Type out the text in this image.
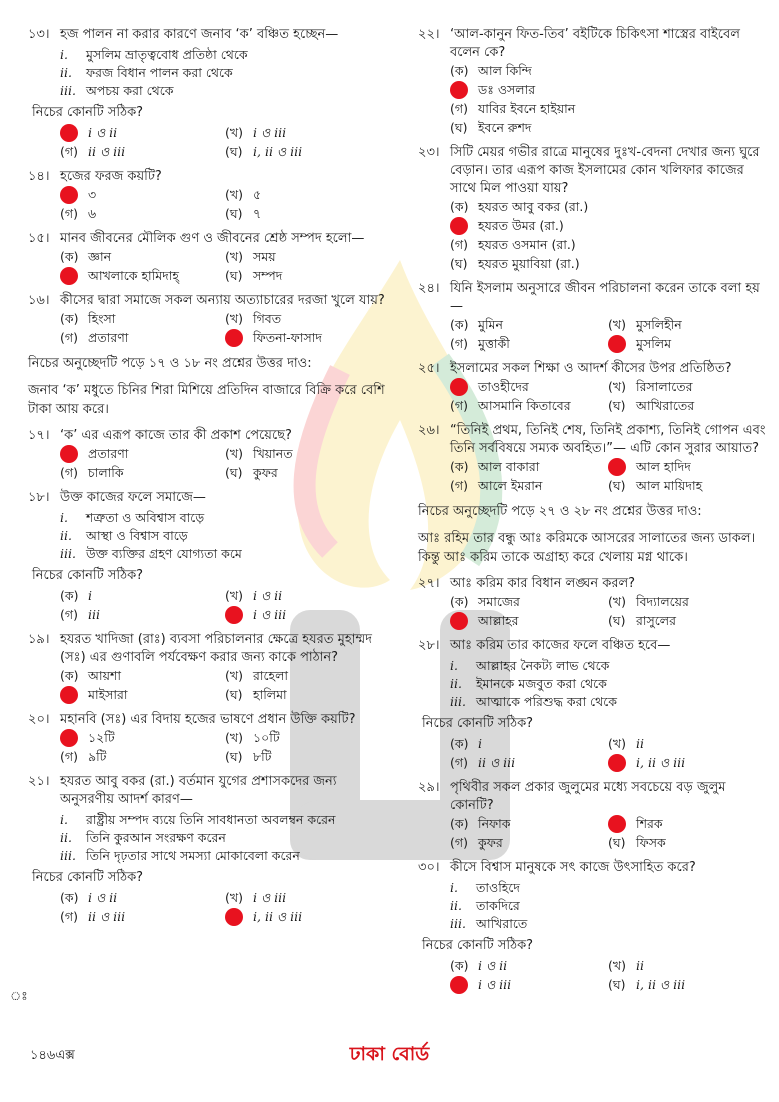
১৩। হজ পালন না করার কারণে জনাব ‘ক’ বঞ্চিত হচ্ছেন—
i.	মুসলিম ভ্রাতৃত্ববোধ প্রতিষ্ঠা থেকে
ii.	ফরজ বিধান পালন করা থেকে
iii. অপচয় করা থেকে
নিচের কোনটি সঠিক?
i ও ii	(খ) i ও iii
(গ) ii ও iii	(ঘ) i, ii ও iii
১৪। হজের ফরজ কয়টি?
৩	(খ) ৫
(গ) ৬	(ঘ) ৭
১৫। মানব জীবনের মৌলিক গুণ ও জীবনের শ্রেষ্ঠ সম্পদ হলো—
(ক) জ্ঞান	(খ) সময়
আখলাকে হামিদাহ্	(ঘ) সম্পদ
১৬। কীসের দ্বারা সমাজে সকল অন্যায় অত্যাচারের দরজা খুলে যায়?
(ক) হিংসা	(খ) গিবত
(গ) প্রতারণা	ফিতনা-ফাসাদ
নিচের অনুচ্ছেদটি পড়ে ১৭ ও ১৮ নং প্রশ্নের উত্তর দাও:
জনাব ‘ক’ মধুতে চিনির শিরা মিশিয়ে প্রতিদিন বাজারে বিক্রি করে বেশি টাকা আয় করে।
১৭। ‘ক’ এর এরূপ কাজে তার কী প্রকাশ পেয়েছে?
প্রতারণা	(খ) খিয়ানত
(গ) চালাকি	(ঘ) কুফর
১৮। উক্ত কাজের ফলে সমাজে—
i.	শত্রুতা ও অবিশ্বাস বাড়ে
ii.	আস্থা ও বিশ্বাস বাড়ে
iii. উক্ত ব্যক্তির গ্রহণ যোগ্যতা কমে
নিচের কোনটি সঠিক?
(ক) i	(খ) i ও ii
(গ) iii	i ও iii
১৯। হযরত খাদিজা (রাঃ) ব্যবসা পরিচালনার ক্ষেত্রে হযরত মুহাম্মদ (সঃ) এর গুণাবলি পর্যবেক্ষণ করার জন্য কাকে পাঠান?
(ক) আয়শা	(খ) রাহেলা
মাইসারা	(ঘ) হালিমা
২০। মহানবি (সঃ) এর বিদায় হজের ভাষণে প্রধান উক্তি কয়টি?
১২টি	(খ) ১০টি
(গ) ৯টি	(ঘ) ৮টি
২১। হযরত আবু বকর (রা.) বর্তমান যুগের প্রশাসকদের জন্য অনুসরণীয় আদর্শ কারণ—
i.	রাষ্ট্রীয় সম্পদ ব্যয়ে তিনি সাবধানতা অবলম্বন করেন
ii.	তিনি কুরআন সংরক্ষণ করেন
iii. তিনি দৃঢ়তার সাথে সমস্যা মোকাবেলা করেন
নিচের কোনটি সঠিক?
(ক) i ও ii	(খ) i ও iii
(গ) ii ও iii	i, ii ও iii
২২। ‘আল-কানুন ফিত-তিব’ বইটিকে চিকিৎসা শাস্ত্রের বাইবেল বলেন কে?
(ক) আল কিন্দি
ডঃ ওসলার
(গ) যাবির ইবনে হাইয়ান
(ঘ) ইবনে রুশদ
২৩। সিটি মেয়র গভীর রাত্রে মানুষের দুঃখ-বেদনা দেখার জন্য ঘুরে বেড়ান। তার এরূপ কাজ ইসলামের কোন খলিফার কাজের সাথে মিল পাওয়া যায়?
(ক) হযরত আবু বকর (রা.)
হযরত উমর (রা.)
(গ) হযরত ওসমান (রা.)
(ঘ) হযরত মুয়াবিয়া (রা.)
২৪। যিনি ইসলাম অনুসারে জীবন পরিচালনা করেন তাকে বলা হয়—
(ক) মুমিন	(খ) মুসলিহীন
(গ) মুত্তাকী	মুসলিম
২৫। ইসলামের সকল শিক্ষা ও আদর্শ কীসের উপর প্রতিষ্ঠিত?
তাওহীদের	(খ) রিসালাতের
(গ) আসমানি কিতাবের	(ঘ) আখিরাতের
২৬। “তিনিই প্রথম, তিনিই শেষ, তিনিই প্রকাশ্য, তিনিই গোপন এবং তিনি সর্ববিষয়ে সম্যক অবহিত।”— এটি কোন সুরার আয়াত?
(ক) আল বাকারা	আল হাদিদ
(গ) আলে ইমরান	(ঘ) আল মায়িদাহ
নিচের অনুচ্ছেদটি পড়ে ২৭ ও ২৮ নং প্রশ্নের উত্তর দাও:
আঃ রহিম তার বন্ধু আঃ করিমকে আসরের সালাতের জন্য ডাকল। কিন্তু আঃ করিম তাকে অগ্রাহ্য করে খেলায় মগ্ন থাকে।
২৭। আঃ করিম কার বিধান লঙ্ঘন করল?
(ক) সমাজের	(খ) বিদ্যালয়ের
আল্লাহর	(ঘ) রাসুলের
২৮। আঃ করিম তার কাজের ফলে বঞ্চিত হবে—
i.	আল্লাহর নৈকট্য লাভ থেকে
ii.	ইমানকে মজবুত করা থেকে
iii. আত্মাকে পরিশুদ্ধ করা থেকে
নিচের কোনটি সঠিক?
(ক) i	(খ) ii
(গ) ii ও iii	i, ii ও iii
২৯। পৃথিবীর সকল প্রকার জুলুমের মধ্যে সবচেয়ে বড় জুলুম কোনটি?
(ক) নিফাক	শিরক
(গ) কুফর	(ঘ) ফিসক
৩০। কীসে বিশ্বাস মানুষকে সৎ কাজে উৎসাহিত করে?
i.	তাওহিদে
ii.	তাকদিরে
iii. আখিরাতে
নিচের কোনটি সঠিক?
(ক) i ও ii	(খ) ii
i ও iii	(ঘ) i, ii ও iii
ঃ
১৪৬এক্স	ঢাকা বোর্ড
